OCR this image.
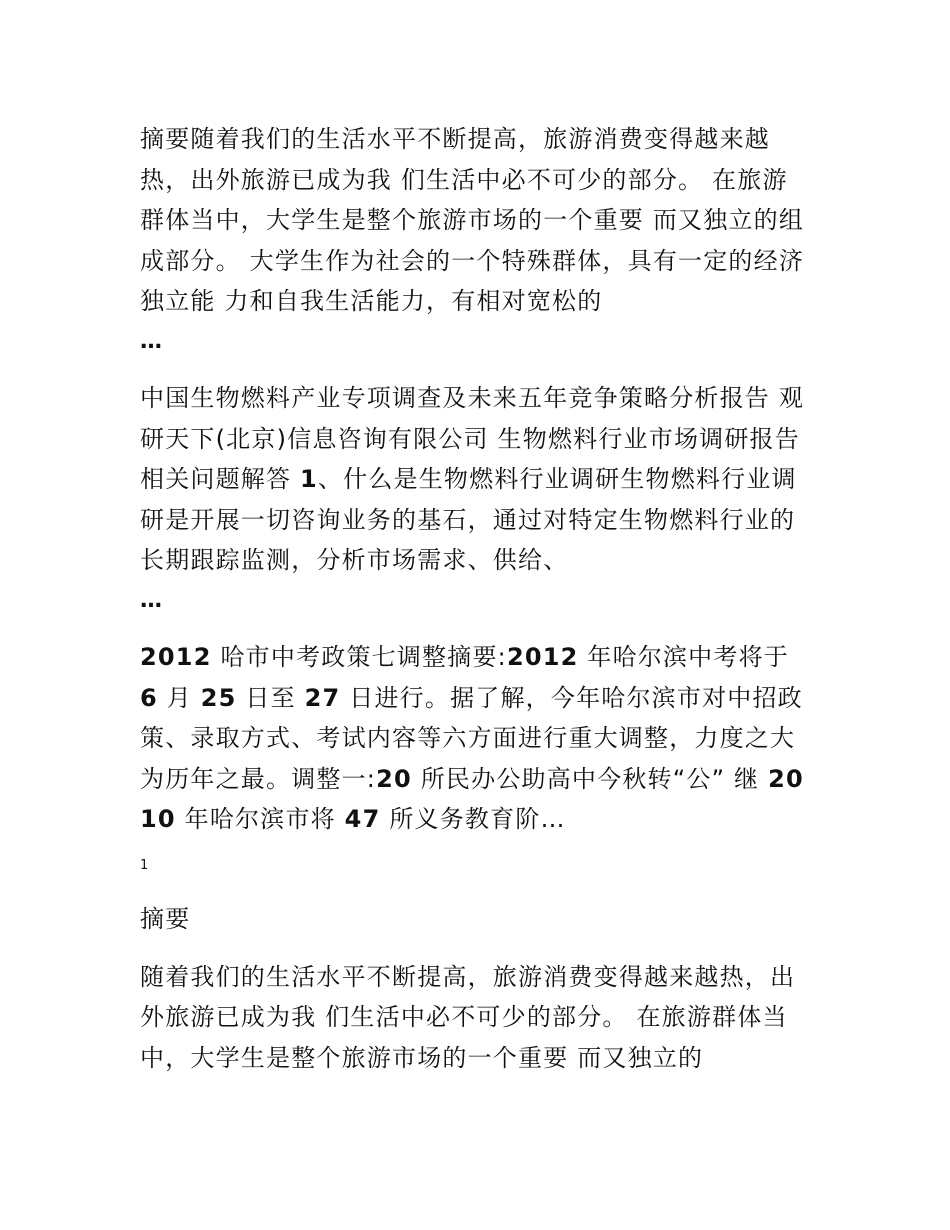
摘要随着我们的生活水平不断提高，旅游消费变得越来越热，出外旅游已成为我 们生活中必不可少的部分。 在旅游群体当中，大学生是整个旅游市场的一个重要 而又独立的组成部分。 大学生作为社会的一个特殊群体，具有一定的经济独立能 力和自我生活能力，有相对宽松的
…

中国生物燃料产业专项调查及未来五年竞争策略分析报告 观研天下(北京)信息咨询有限公司 生物燃料行业市场调研报告相关问题解答 1、什么是生物燃料行业调研生物燃料行业调研是开展一切咨询业务的基石，通过对特定生物燃料行业的长期跟踪监测，分析市场需求、供给、
…

2012 哈市中考政策七调整摘要:2012 年哈尔滨中考将于 6 月 25 日至 27 日进行。据了解，今年哈尔滨市对中招政策、录取方式、考试内容等六方面进行重大调整，力度之大为历年之最。调整一:20 所民办公助高中今秋转“公” 继 2010 年哈尔滨市将 47 所义务教育阶…

1
摘要

随着我们的生活水平不断提高，旅游消费变得越来越热，出外旅游已成为我 们生活中必不可少的部分。 在旅游群体当中，大学生是整个旅游市场的一个重要 而又独立的
